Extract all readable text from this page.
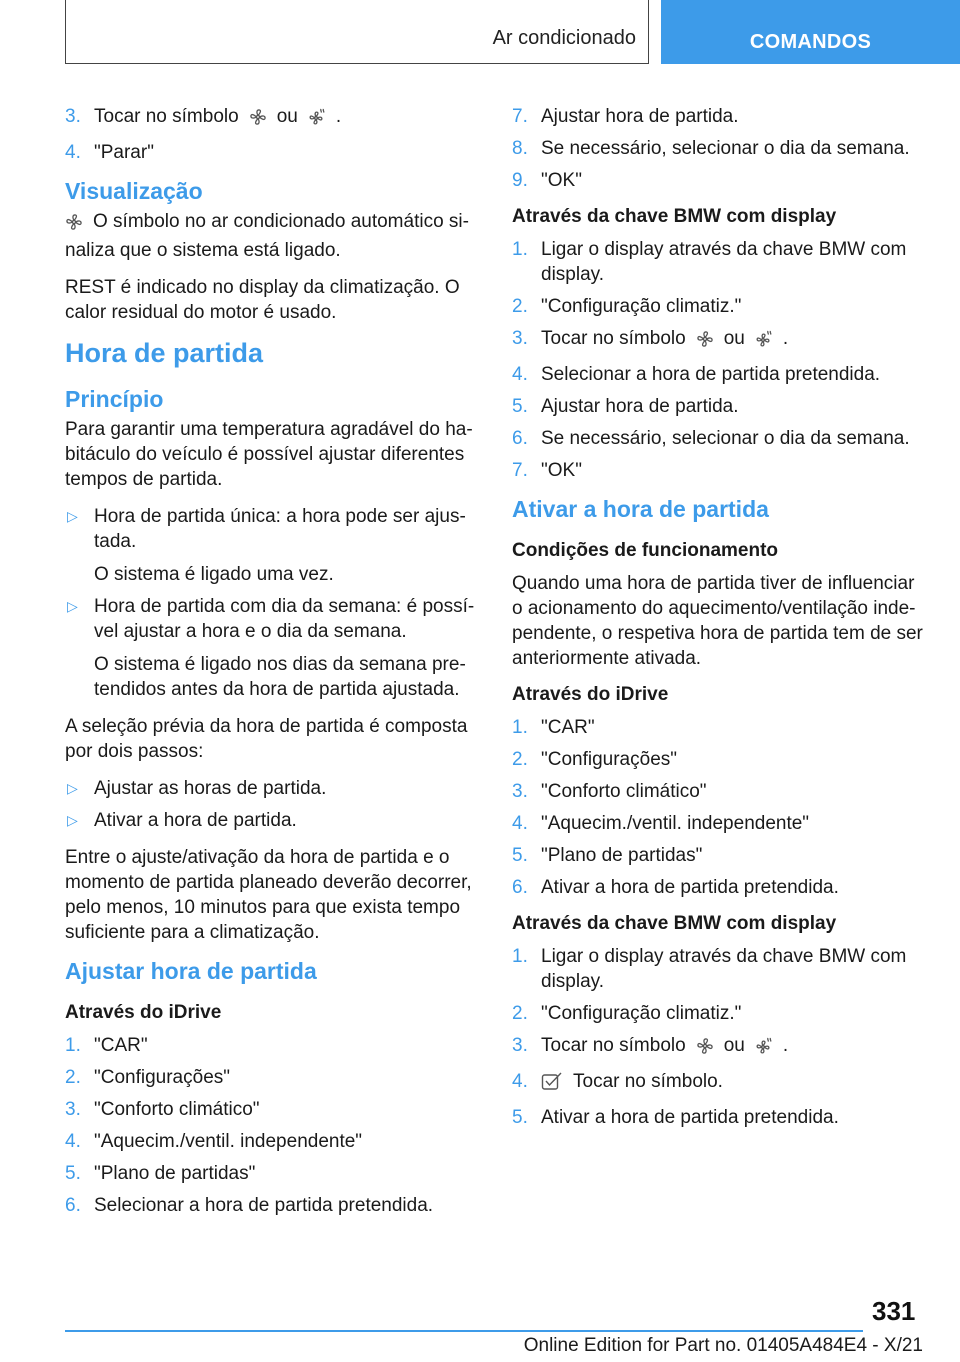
Ar condicionado	COMANDOS
3. Tocar no símbolo ou .
4. "Parar"
Visualização

O símbolo no ar condicionado automático sinaliza que o sistema está ligado.

REST é indicado no display da climatização. O calor residual do motor é usado.

Hora de partida
Princípio

Para garantir uma temperatura agradável do habitáculo do veículo é possível ajustar diferentes tempos de partida.

▷ Hora de partida única: a hora pode ser ajustada.
O sistema é ligado uma vez.
▷ Hora de partida com dia da semana: é possível ajustar a hora e o dia da semana.
O sistema é ligado nos dias da semana pretendidos antes da hora de partida ajustada.

A seleção prévia da hora de partida é composta por dois passos:

▷ Ajustar as horas de partida.
▷ Ativar a hora de partida.

Entre o ajuste/ativação da hora de partida e o momento de partida planeado deverão decorrer, pelo menos, 10 minutos para que exista tempo suficiente para a climatização.

Ajustar hora de partida
Através do iDrive
1. "CAR"
2. "Configurações"
3. "Conforto climático"
4. "Aquecim./ventil. independente"
5. "Plano de partidas"
6. Selecionar a hora de partida pretendida.
7. Ajustar hora de partida.
8. Se necessário, selecionar o dia da semana.
9. "OK"
Através da chave BMW com display
1. Ligar o display através da chave BMW com display.
2. "Configuração climatiz."
3. Tocar no símbolo ou .
4. Selecionar a hora de partida pretendida.
5. Ajustar hora de partida.
6. Se necessário, selecionar o dia da semana.
7. "OK"
Ativar a hora de partida
Condições de funcionamento

Quando uma hora de partida tiver de influenciar o acionamento do aquecimento/ventilação independente, o respetiva hora de partida tem de ser anteriormente ativada.

Através do iDrive
1. "CAR"
2. "Configurações"
3. "Conforto climático"
4. "Aquecim./ventil. independente"
5. "Plano de partidas"
6. Ativar a hora de partida pretendida.
Através da chave BMW com display
1. Ligar o display através da chave BMW com display.
2. "Configuração climatiz."
3. Tocar no símbolo ou .
4. Tocar no símbolo.
5. Ativar a hora de partida pretendida.
331
Online Edition for Part no. 01405A484E4 - X/21
